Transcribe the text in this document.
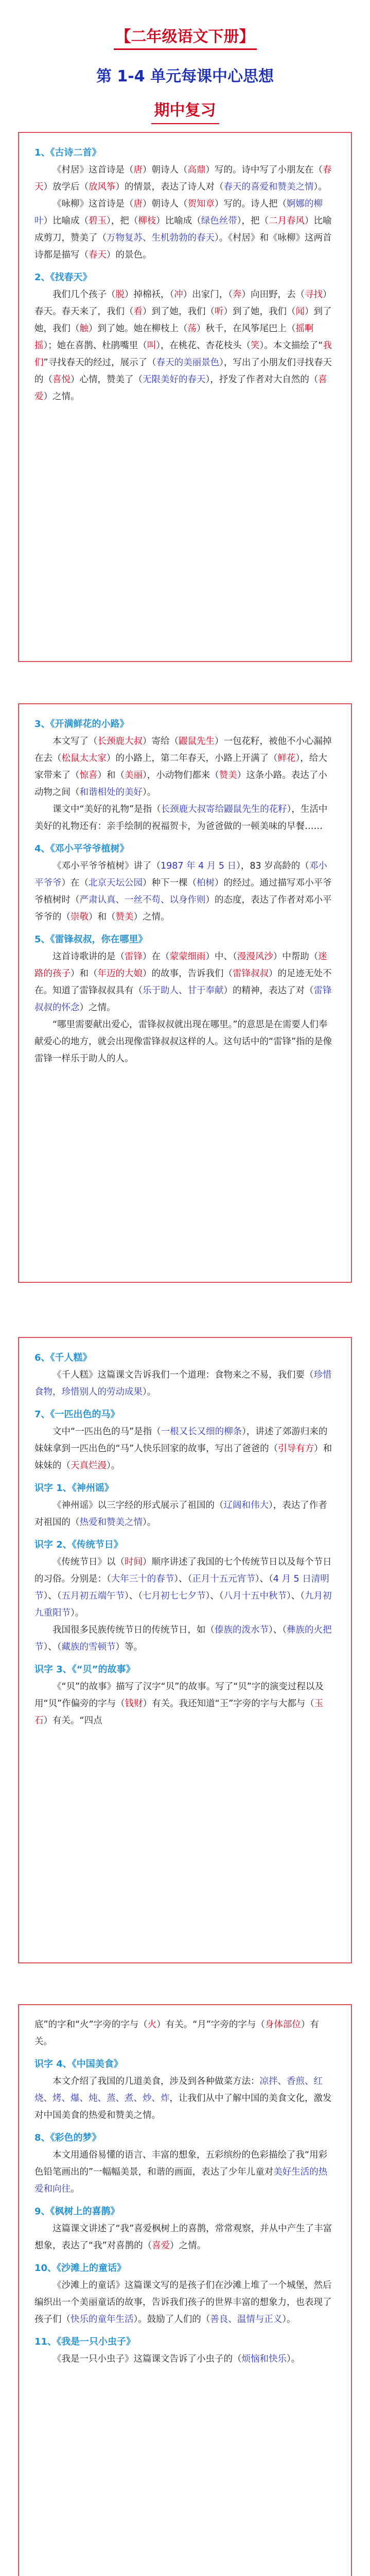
【二年级语文下册】
第 1-4 单元每课中心思想
期中复习
1、《古诗二首》

《村居》这首诗是（唐）朝诗人（高鼎）写的。诗中写了小朋友在（春天）放学后（放风筝）的情景，表达了诗人对（春天的喜爱和赞美之情）。

《咏柳》这首诗是（唐）朝诗人（贺知章）写的。诗人把（婀娜的柳叶）比喻成（碧玉），把（柳枝）比喻成（绿色丝带），把（二月春风）比喻成剪刀，赞美了（万物复苏、生机勃勃的春天）。《村居》和《咏柳》这两首诗都是描写（春天）的景色。

2、《找春天》

我们几个孩子（脱）掉棉袄，（冲）出家门，（奔）向田野，去（寻找）春天。春天来了，我们（看）到了她，我们（听）到了她，我们（闻）到了她，我们（触）到了她。她在柳枝上（荡）秋千，在风筝尾巴上（摇啊摇）；她在喜鹊、杜鹃嘴里（叫），在桃花、杏花枝头（笑）。本文描绘了“我们”寻找春天的经过，展示了（春天的美丽景色），写出了小朋友们寻找春天的（喜悦）心情，赞美了（无限美好的春天），抒发了作者对大自然的（喜爱）之情。

3、《开满鲜花的小路》

本文写了（长颈鹿大叔）寄给（鼹鼠先生）一包花籽，被他不小心漏掉在去（松鼠太太家）的小路上，第二年春天，小路上开满了（鲜花），给大家带来了（惊喜）和（美丽），小动物们都来（赞美）这条小路。表达了小动物之间（和谐相处的美好）。

课文中“美好的礼物”是指（长颈鹿大叔寄给鼹鼠先生的花籽），生活中美好的礼物还有：亲手绘制的祝福贺卡，为爸爸做的一顿美味的早餐……

4、《邓小平爷爷植树》

《邓小平爷爷植树》讲了（1987 年 4 月 5 日），83 岁高龄的（邓小平爷爷）在（北京天坛公园）种下一棵（柏树）的经过。通过描写邓小平爷爷植树时（严肃认真、一丝不苟、以身作则）的态度，表达了作者对邓小平爷爷的（崇敬）和（赞美）之情。

5、《雷锋叔叔，你在哪里》

这首诗歌讲的是（雷锋）在（蒙蒙细雨）中、（漫漫风沙）中帮助（迷路的孩子）和（年迈的大娘）的故事，告诉我们（雷锋叔叔）的足迹无处不在。知道了雷锋叔叔具有（乐于助人、甘于奉献）的精神，表达了对（雷锋叔叔的怀念）之情。

“哪里需要献出爱心，雷锋叔叔就出现在哪里。”的意思是在需要人们奉献爱心的地方，就会出现像雷锋叔叔这样的人。这句话中的“雷锋”指的是像雷锋一样乐于助人的人。

6、《千人糕》

《千人糕》这篇课文告诉我们一个道理：食物来之不易，我们要（珍惜食物，珍惜别人的劳动成果）。

7、《一匹出色的马》

文中“一匹出色的马”是指（一根又长又细的柳条），讲述了郊游归来的妹妹拿到一匹出色的“马”人快乐回家的故事，写出了爸爸的（引导有方）和妹妹的（天真烂漫）。

识字 1、《神州谣》

《神州谣》以三字经的形式展示了祖国的（辽阔和伟大），表达了作者对祖国的（热爱和赞美之情）。

识字 2、《传统节日》

《传统节日》以（时间）顺序讲述了我国的七个传统节日以及每个节日的习俗。分别是：（大年三十的春节）、（正月十五元宵节）、（4 月 5 日清明节）、（五月初五端午节）、（七月初七七夕节）、（八月十五中秋节）、（九月初九重阳节）。

我国很多民族传统节日的传统节日，如（傣族的泼水节）、（彝族的火把节）、（藏族的雪顿节）等。

识字 3、《“贝”的故事》

《“贝”的故事》描写了汉字“贝”的故事。写了“贝”字的演变过程以及用“贝”作偏旁的字与（钱财）有关。我还知道“王”字旁的字与大都与（玉石）有关。“四点

底”的字和“火”字旁的字与（火）有关。“月”字旁的字与（身体部位）有关。

识字 4、《中国美食》

本文介绍了我国的几道美食，涉及到各种做菜方法：凉拌、香煎、红烧、烤、爆、炖、蒸、煮、炒、炸，让我们从中了解中国的美食文化，激发对中国美食的热爱和赞美之情。

8、《彩色的梦》

本文用通俗易懂的语言、丰富的想象，五彩缤纷的色彩描绘了我“用彩色铅笔画出的”一幅幅美景，和谐的画面，表达了少年儿童对美好生活的热爱和向往。

9、《枫树上的喜鹊》

这篇课文讲述了“我”喜爱枫树上的喜鹊，常常观察，并从中产生了丰富想象，表达了“我”对喜鹊的（喜爱）之情。

10、《沙滩上的童话》

《沙滩上的童话》这篇课文写的是孩子们在沙滩上堆了一个城堡，然后编织出一个美丽童话的故事，告诉我们孩子的世界丰富的想象力，也表现了孩子们（快乐的童年生活）。鼓励了人们的（善良、温情与正义）。

11、《我是一只小虫子》

《我是一只小虫子》这篇课文告诉了小虫子的（烦恼和快乐）。
